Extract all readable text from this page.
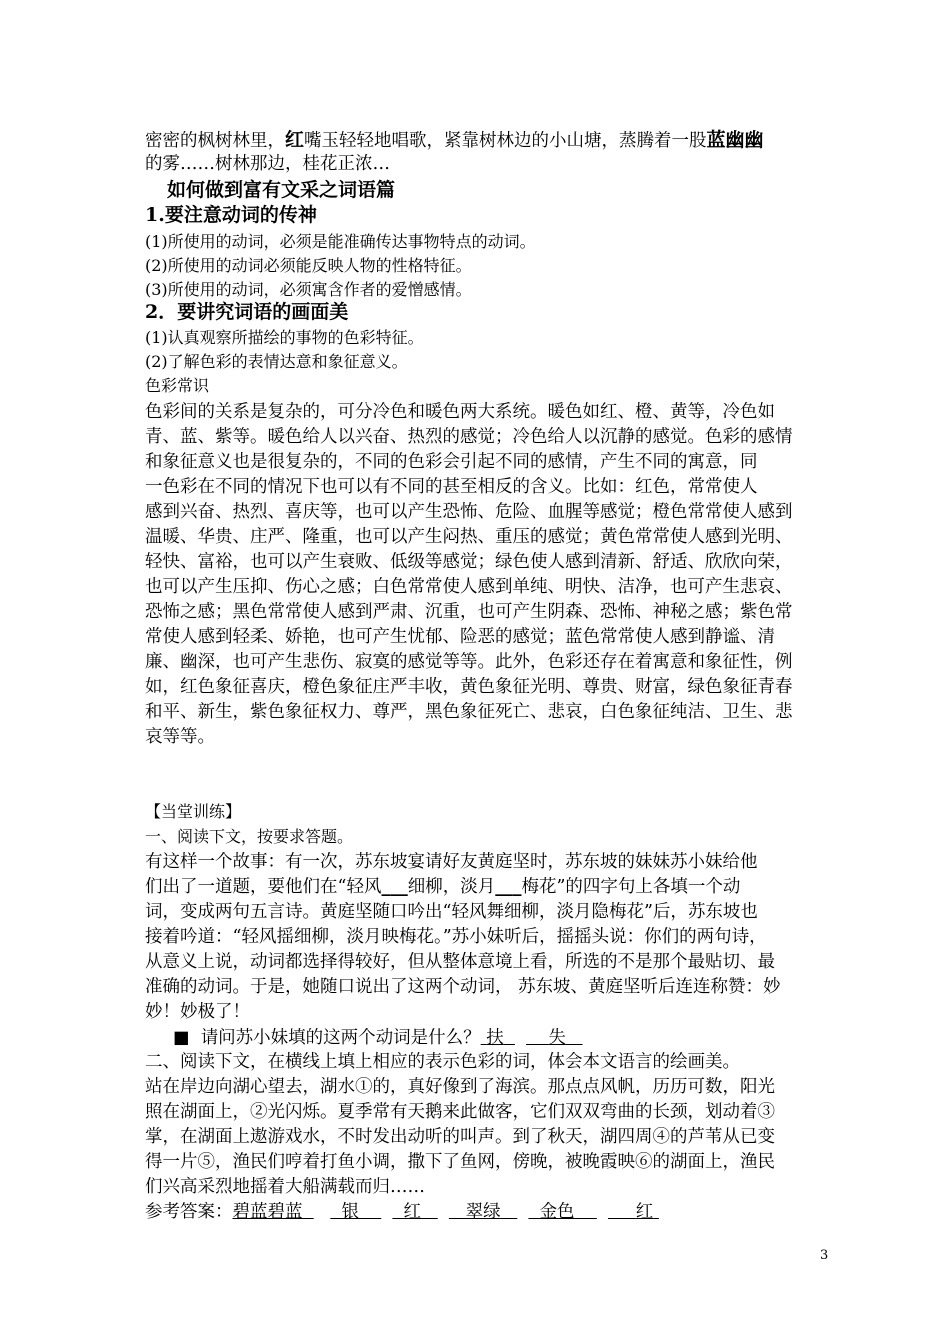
密密的枫树林里，红嘴玉轻轻地唱歌，紧靠树林边的小山塘，蒸腾着一股蓝幽幽
的雾……树林那边，桂花正浓…
如何做到富有文采之词语篇
1.要注意动词的传神
(1)所使用的动词，必须是能准确传达事物特点的动词。
(2)所使用的动词必须能反映人物的性格特征。
(3)所使用的动词，必须寓含作者的爱憎感情。
2．要讲究词语的画面美
(1)认真观察所描绘的事物的色彩特征。
(2)了解色彩的表情达意和象征意义。
色彩常识
色彩间的关系是复杂的，可分冷色和暖色两大系统。暖色如红、橙、黄等，冷色如
青、蓝、紫等。暖色给人以兴奋、热烈的感觉；冷色给人以沉静的感觉。色彩的感情
和象征意义也是很复杂的，不同的色彩会引起不同的感情，产生不同的寓意，同
一色彩在不同的情况下也可以有不同的甚至相反的含义。比如：红色，常常使人
感到兴奋、热烈、喜庆等，也可以产生恐怖、危险、血腥等感觉；橙色常常使人感到
温暖、华贵、庄严、隆重，也可以产生闷热、重压的感觉；黄色常常使人感到光明、
轻快、富裕，也可以产生衰败、低级等感觉；绿色使人感到清新、舒适、欣欣向荣，
也可以产生压抑、伤心之感；白色常常使人感到单纯、明快、洁净，也可产生悲哀、
恐怖之感；黑色常常使人感到严肃、沉重，也可产生阴森、恐怖、神秘之感；紫色常
常使人感到轻柔、娇艳，也可产生忧郁、险恶的感觉；蓝色常常使人感到静谧、清
廉、幽深，也可产生悲伤、寂寞的感觉等等。此外，色彩还存在着寓意和象征性，例
如，红色象征喜庆，橙色象征庄严丰收，黄色象征光明、尊贵、财富，绿色象征青春
和平、新生，紫色象征权力、尊严，黑色象征死亡、悲哀，白色象征纯洁、卫生、悲
哀等等。
【当堂训练】
一、阅读下文，按要求答题。
有这样一个故事：有一次，苏东坡宴请好友黄庭坚时，苏东坡的妹妹苏小妹给他
们出了一道题，要他们在“轻风___细柳，淡月___梅花”的四字句上各填一个动
词，变成两句五言诗。黄庭坚随口吟出“轻风舞细柳，淡月隐梅花”后，苏东坡也
接着吟道：“轻风摇细柳，淡月映梅花。”苏小妹听后，摇摇头说：你们的两句诗，
从意义上说，动词都选择得较好，但从整体意境上看，所选的不是那个最贴切、最
准确的动词。于是，她随口说出了这两个动词， 苏东坡、黄庭坚听后连连称赞：妙
妙！妙极了！
■ 请问苏小妹填的这两个动词是什么？ 扶	失
二、阅读下文，在横线上填上相应的表示色彩的词，体会本文语言的绘画美。
站在岸边向湖心望去，湖水①的，真好像到了海滨。那点点风帆，历历可数，阳光
照在湖面上，②光闪烁。夏季常有天鹅来此做客，它们双双弯曲的长颈，划动着③
掌，在湖面上遨游戏水，不时发出动听的叫声。到了秋天，湖四周④的芦苇从已变
得一片⑤，渔民们哼着打鱼小调，撒下了鱼网，傍晚，被晚霞映⑥的湖面上，渔民
们兴高采烈地摇着大船满载而归……
参考答案：碧蓝碧蓝 银	红	翠绿 金色	红
3
